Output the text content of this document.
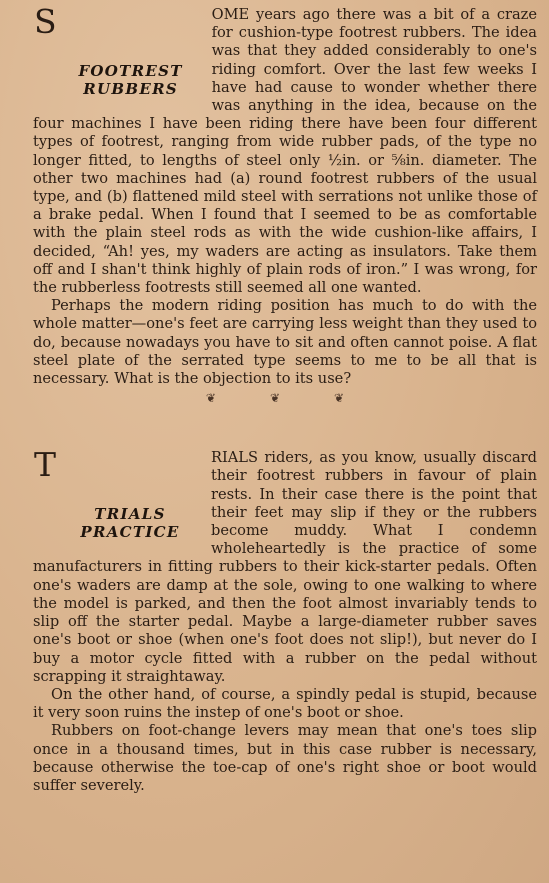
S
FOOTREST
RUBBERS
OME years ago there was a bit of a craze for cushion-type footrest rubbers. The idea was that they added considerably to one's riding comfort. Over the last few weeks I have had cause to wonder whether there was anything in the idea, because on the four machines I have been riding there have been four different types of footrest, ranging from wide rubber pads, of the type no longer fitted, to lengths of steel only ½in. or ⅝in. diameter. The other two machines had (a) round footrest rubbers of the usual type, and (b) flattened mild steel with serrations not unlike those of a brake pedal. When I found that I seemed to be as comfortable with the plain steel rods as with the wide cushion-like affairs, I decided, “Ah! yes, my waders are acting as insulators. Take them off and I shan't think highly of plain rods of iron.” I was wrong, for the rubberless footrests still seemed all one wanted.

Perhaps the modern riding position has much to do with the whole matter—one's feet are carrying less weight than they used to do, because nowadays you have to sit and often cannot poise. A flat steel plate of the serrated type seems to me to be all that is necessary. What is the objection to its use?

❦	❦	❦

T
TRIALS
PRACTICE
RIALS riders, as you know, usually discard their footrest rubbers in favour of plain rests. In their case there is the point that their feet may slip if they or the rubbers become muddy. What I condemn wholeheartedly is the practice of some manufacturers in fitting rubbers to their kick-starter pedals. Often one's waders are damp at the sole, owing to one walking to where the model is parked, and then the foot almost invariably tends to slip off the starter pedal. Maybe a large-diameter rubber saves one's boot or shoe (when one's foot does not slip!), but never do I buy a motor cycle fitted with a rubber on the pedal without scrapping it straightaway.

On the other hand, of course, a spindly pedal is stupid, because it very soon ruins the instep of one's boot or shoe.

Rubbers on foot-change levers may mean that one's toes slip once in a thousand times, but in this case rubber is necessary, because otherwise the toe-cap of one's right shoe or boot would suffer severely.
